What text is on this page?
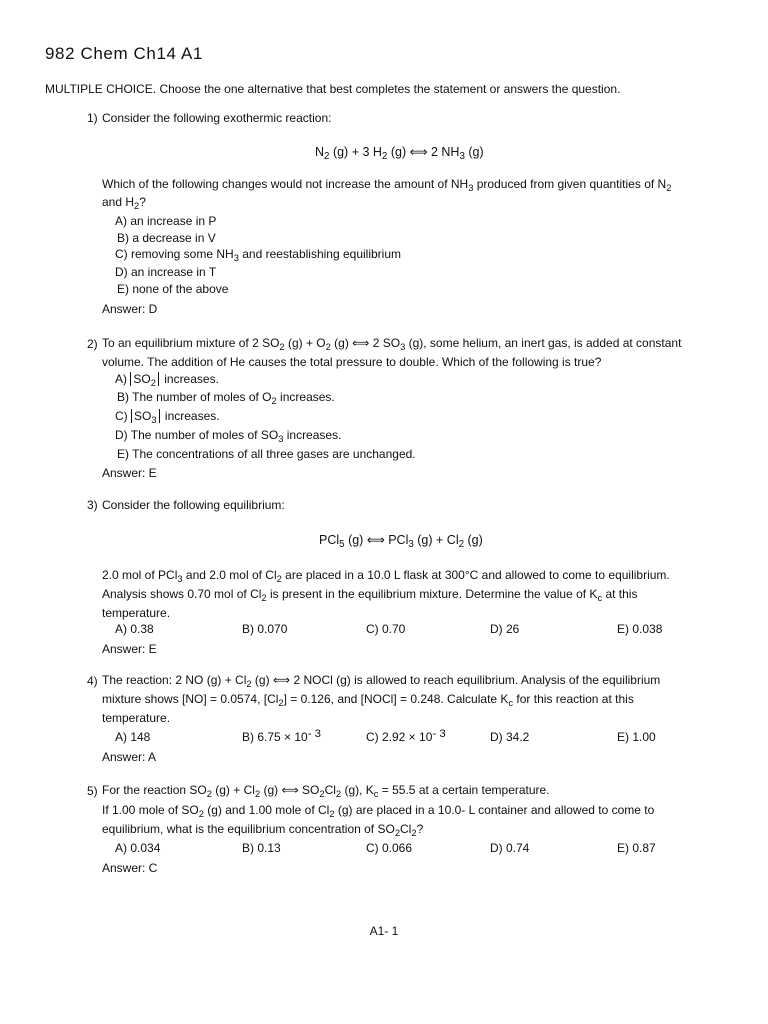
982 Chem Ch14 A1
MULTIPLE CHOICE. Choose the one alternative that best completes the statement or answers the question.
1) Consider the following exothermic reaction:
$N_2$ (g) + 3 $H_2$ (g) ⟺ 2 $NH_3$ (g)
Which of the following changes would not increase the amount of $NH_3$ produced from given quantities of $N_2$
and $H_2$?
A) an increase in P
B) a decrease in V
C) removing some $NH_3$ and reestablishing equilibrium
D) an increase in T
E) none of the above
Answer: D
2) To an equilibrium mixture of 2 $SO_2$ $(g) + O_2$ (g) ⟺ 2 $SO_3$ (g), some helium, an inert gas, is added at constant
volume. The addition of He causes the total pressure to double. Which of the following is true?
A) $SO_2$ increases.
B) The number of moles of $O_2$ increases.
C) $SO_3$ increases.
D) The number of moles of $SO_3$ increases.
E) The concentrations of all three gases are unchanged.
Answer: E
3) Consider the following equilibrium:
PCl$_5$ (g) ⟺ PCl$_3$ $(g) + Cl_2$ (g)
2.0 mol of PCl$_3$ and 2.0 mol of $Cl_2$ are placed in a 10.0 L flask at 300°C and allowed to come to equilibrium.
Analysis shows 0.70 mol of $Cl_2$ is present in the equilibrium mixture. Determine the value of $K_c$ at this
temperature.
A) 0.38	B) 0.070	C) 0.70	D) 26	E) 0.038
Answer: E
4) The reaction: 2 NO $(g) + Cl_2$ (g) ⟺ 2 NOCl (g) is allowed to reach equilibrium. Analysis of the equilibrium
mixture shows [NO] = 0.0574, $[Cl_2] = 0.126$, and [NOCl] = 0.248. Calculate $K_c$ for this reaction at this
temperature.
A) 148	B) $6.75 \times 10^{- 3}$	C) $2.92 \times 10^{- 3}$	D) 34.2	E) 1.00
Answer: A
5) For the reaction $SO_2$ $(g) + Cl_2$ (g) ⟺ $SO_2Cl_2$ (g), $K_c = 55.5$ at a certain temperature.
If 1.00 mole of $SO_2$ (g) and 1.00 mole of $Cl_2$ (g) are placed in a 10.0- L container and allowed to come to
equilibrium, what is the equilibrium concentration of $SO_2Cl_2$?
A) 0.034	B) 0.13	C) 0.066	D) 0.74	E) 0.87
Answer: C
A1- 1
